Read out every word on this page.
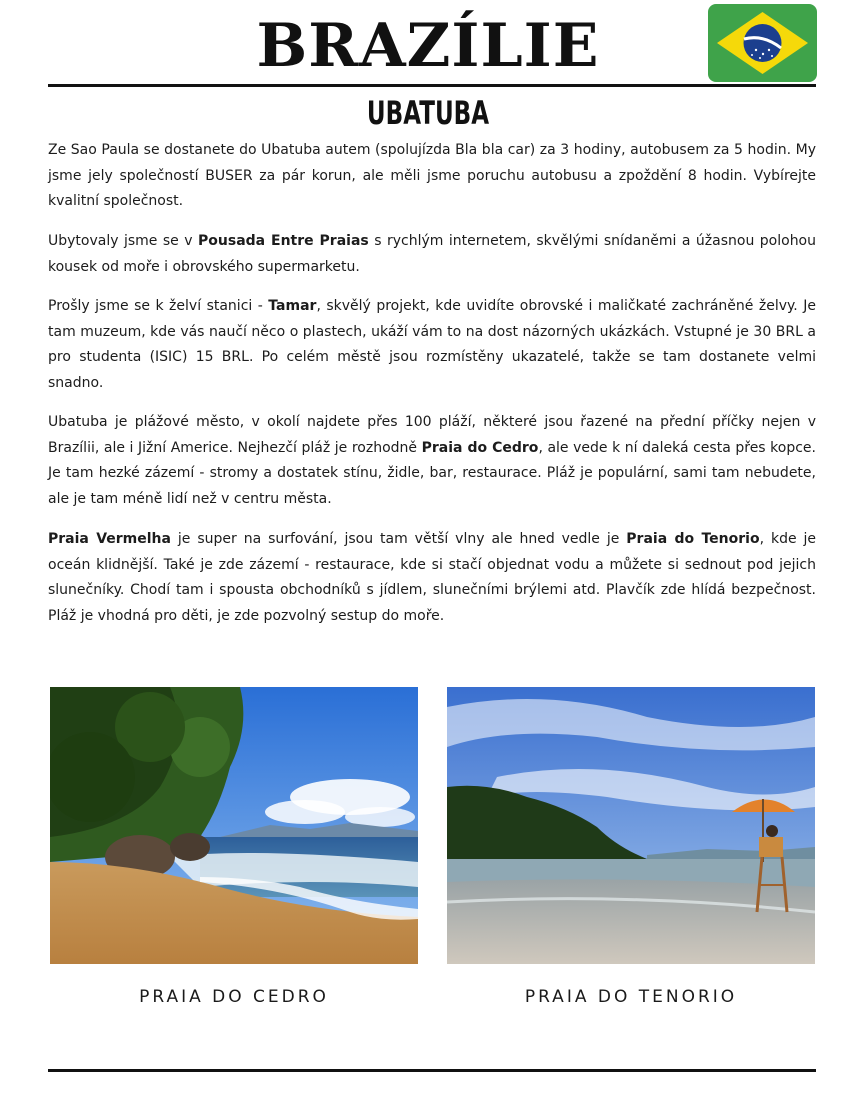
BRAZÍLIE
UBATUBA

Ze Sao Paula se dostanete do Ubatuba autem (spolujízda Bla bla car) za 3 hodiny, autobusem za 5 hodin. My jsme jely společností BUSER za pár korun, ale měli jsme poruchu autobusu a zpoždění 8 hodin. Vybírejte kvalitní společnost.

Ubytovaly jsme se v Pousada Entre Praias s rychlým internetem, skvělými snídaněmi a úžasnou polohou kousek od moře i obrovského supermarketu.

Prošly jsme se k želví stanici - Tamar, skvělý projekt, kde uvidíte obrovské i maličkaté zachráněné želvy. Je tam muzeum, kde vás naučí něco o plastech, ukáží vám to na dost názorných ukázkách. Vstupné je 30 BRL a pro studenta (ISIC) 15 BRL. Po celém městě jsou rozmístěny ukazatelé, takže se tam dostanete velmi snadno.

Ubatuba je plážové město, v okolí najdete přes 100 pláží, některé jsou řazené na přední příčky nejen v Brazílii, ale i Jižní Americe. Nejhezčí pláž je rozhodně Praia do Cedro, ale vede k ní daleká cesta přes kopce. Je tam hezké zázemí - stromy a dostatek stínu, židle, bar, restaurace. Pláž je populární, sami tam nebudete, ale je tam méně lidí než v centru města.

Praia Vermelha je super na surfování, jsou tam větší vlny ale hned vedle je Praia do Tenorio, kde je oceán klidnější. Také je zde zázemí - restaurace, kde si stačí objednat vodu a můžete si sednout pod jejich slunečníky. Chodí tam i spousta obchodníků s jídlem, slunečními brýlemi atd. Plavčík zde hlídá bezpečnost. Pláž je vhodná pro děti, je zde pozvolný sestup do moře.

PRAIA DO CEDRO	PRAIA DO TENORIO
